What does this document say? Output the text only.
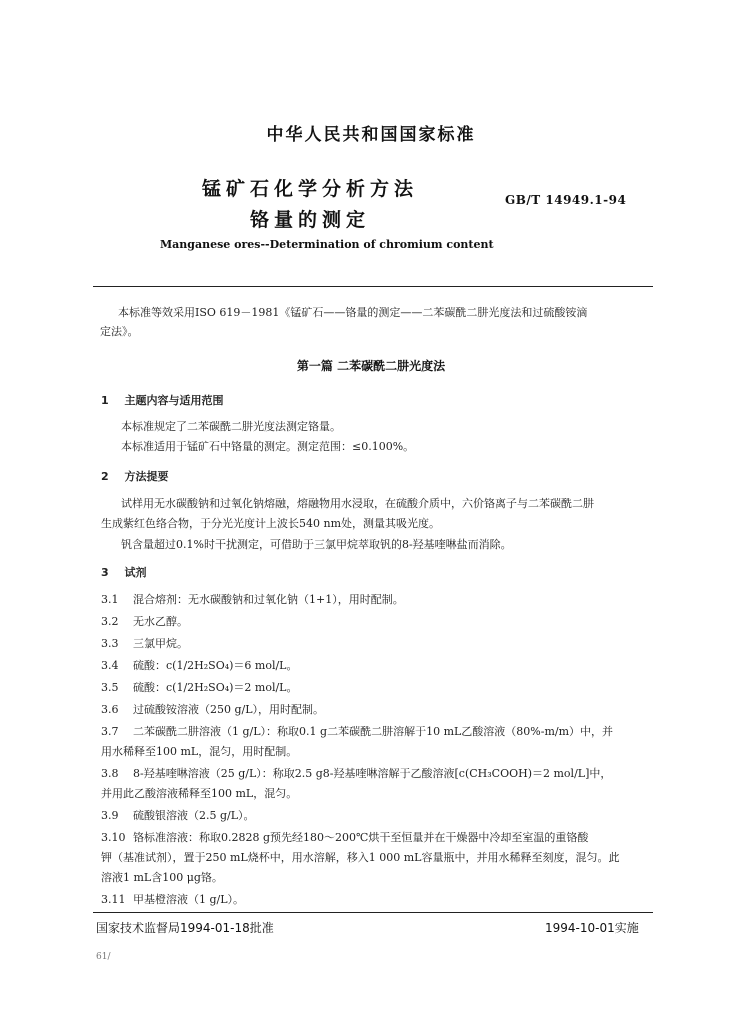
中华人民共和国国家标准
锰矿石化学分析方法
铬量的测定
GB/T 14949.1-94
Manganese ores--Determination of chromium content
本标准等效采用ISO 619－1981《锰矿石——铬量的测定——二苯碳酰二肼光度法和过硫酸铵滴
定法》。
第一篇 二苯碳酰二肼光度法
1 主题内容与适用范围
本标准规定了二苯碳酰二肼光度法测定铬量。
本标准适用于锰矿石中铬量的测定。测定范围：≤0.100%。
2 方法提要
试样用无水碳酸钠和过氧化钠熔融，熔融物用水浸取，在硫酸介质中，六价铬离子与二苯碳酰二肼
生成紫红色络合物，于分光光度计上波长540 nm处，测量其吸光度。
钒含量超过0.1%时干扰测定，可借助于三氯甲烷萃取钒的8-羟基喹啉盐而消除。
3 试剂
3.1 混合熔剂：无水碳酸钠和过氧化钠（1+1），用时配制。
3.2 无水乙醇。
3.3 三氯甲烷。
3.4 硫酸：c(1/2H₂SO₄)＝6 mol/L。
3.5 硫酸：c(1/2H₂SO₄)＝2 mol/L。
3.6 过硫酸铵溶液（250 g/L），用时配制。
3.7 二苯碳酰二肼溶液（1 g/L）：称取0.1 g二苯碳酰二肼溶解于10 mL乙酸溶液（80%-m/m）中，并
用水稀释至100 mL，混匀，用时配制。
3.8 8-羟基喹啉溶液（25 g/L）：称取2.5 g8-羟基喹啉溶解于乙酸溶液[c(CH₃COOH)＝2 mol/L]中，
并用此乙酸溶液稀释至100 mL，混匀。
3.9 硫酸银溶液（2.5 g/L）。
3.10 铬标准溶液：称取0.2828 g预先经180～200℃烘干至恒量并在干燥器中冷却至室温的重铬酸
钾（基准试剂），置于250 mL烧杯中，用水溶解，移入1 000 mL容量瓶中，并用水稀释至刻度，混匀。此
溶液1 mL含100 μg铬。
3.11 甲基橙溶液（1 g/L）。
国家技术监督局1994-01-18批准	1994-10-01实施
61/
